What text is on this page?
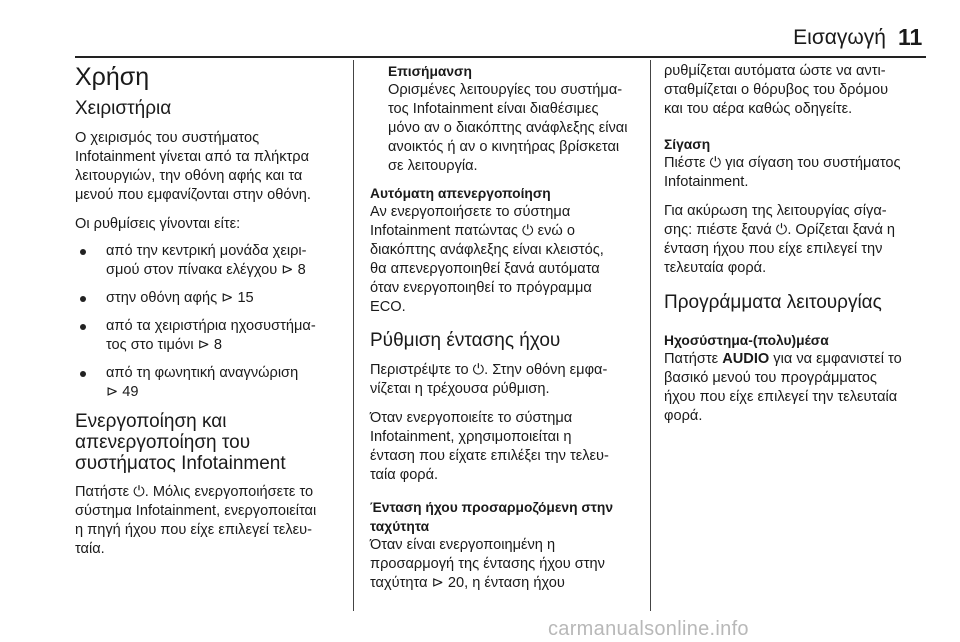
Εισαγωγή 11
Χρήση
Χειριστήρια

Ο χειρισμός του συστήματος
Infotainment γίνεται από τα πλήκτρα
λειτουργιών, την οθόνη αφής και τα
μενού που εμφανίζονται στην οθόνη.

Οι ρυθμίσεις γίνονται είτε:

από την κεντρική μονάδα χειρι-
σμού στον πίνακα ελέγχου ⊳ 8
στην οθόνη αφής ⊳ 15
από τα χειριστήρια ηχοσυστήμα-
τος στο τιμόνι ⊳ 8
από τη φωνητική αναγνώριση
⊳ 49
Ενεργοποίηση και
απενεργοποίηση του
συστήματος Infotainment

Πατήστε ⏻. Μόλις ενεργοποιήσετε το
σύστημα Infotainment, ενεργοποιείται
η πηγή ήχου που είχε επιλεγεί τελευ-
ταία.

Επισήμανση
Ορισμένες λειτουργίες του συστήμα-
τος Infotainment είναι διαθέσιμες
μόνο αν ο διακόπτης ανάφλεξης είναι
ανοικτός ή αν ο κινητήρας βρίσκεται
σε λειτουργία.
Αυτόματη απενεργοποίηση

Αν ενεργοποιήσετε το σύστημα
Infotainment πατώντας ⏻ ενώ ο
διακόπτης ανάφλεξης είναι κλειστός,
θα απενεργοποιηθεί ξανά αυτόματα
όταν ενεργοποιηθεί το πρόγραμμα
ECO.

Ρύθμιση έντασης ήχου

Περιστρέψτε το ⏻. Στην οθόνη εμφα-
νίζεται η τρέχουσα ρύθμιση.

Όταν ενεργοποιείτε το σύστημα
Infotainment, χρησιμοποιείται η
ένταση που είχατε επιλέξει την τελευ-
ταία φορά.

Ένταση ήχου προσαρμοζόμενη στην
ταχύτητα

Όταν είναι ενεργοποιημένη η
προσαρμογή της έντασης ήχου στην
ταχύτητα ⊳ 20, η ένταση ήχου

ρυθμίζεται αυτόματα ώστε να αντι-
σταθμίζεται ο θόρυβος του δρόμου
και του αέρα καθώς οδηγείτε.

Σίγαση

Πιέστε ⏻ για σίγαση του συστήματος
Infotainment.

Για ακύρωση της λειτουργίας σίγα-
σης: πιέστε ξανά ⏻. Ορίζεται ξανά η
ένταση ήχου που είχε επιλεγεί την
τελευταία φορά.

Προγράμματα λειτουργίας
Ηχοσύστημα-(πολυ)μέσα

Πατήστε AUDIO για να εμφανιστεί το
βασικό μενού του προγράμματος
ήχου που είχε επιλεγεί την τελευταία
φορά.

carmanualsonline.info
